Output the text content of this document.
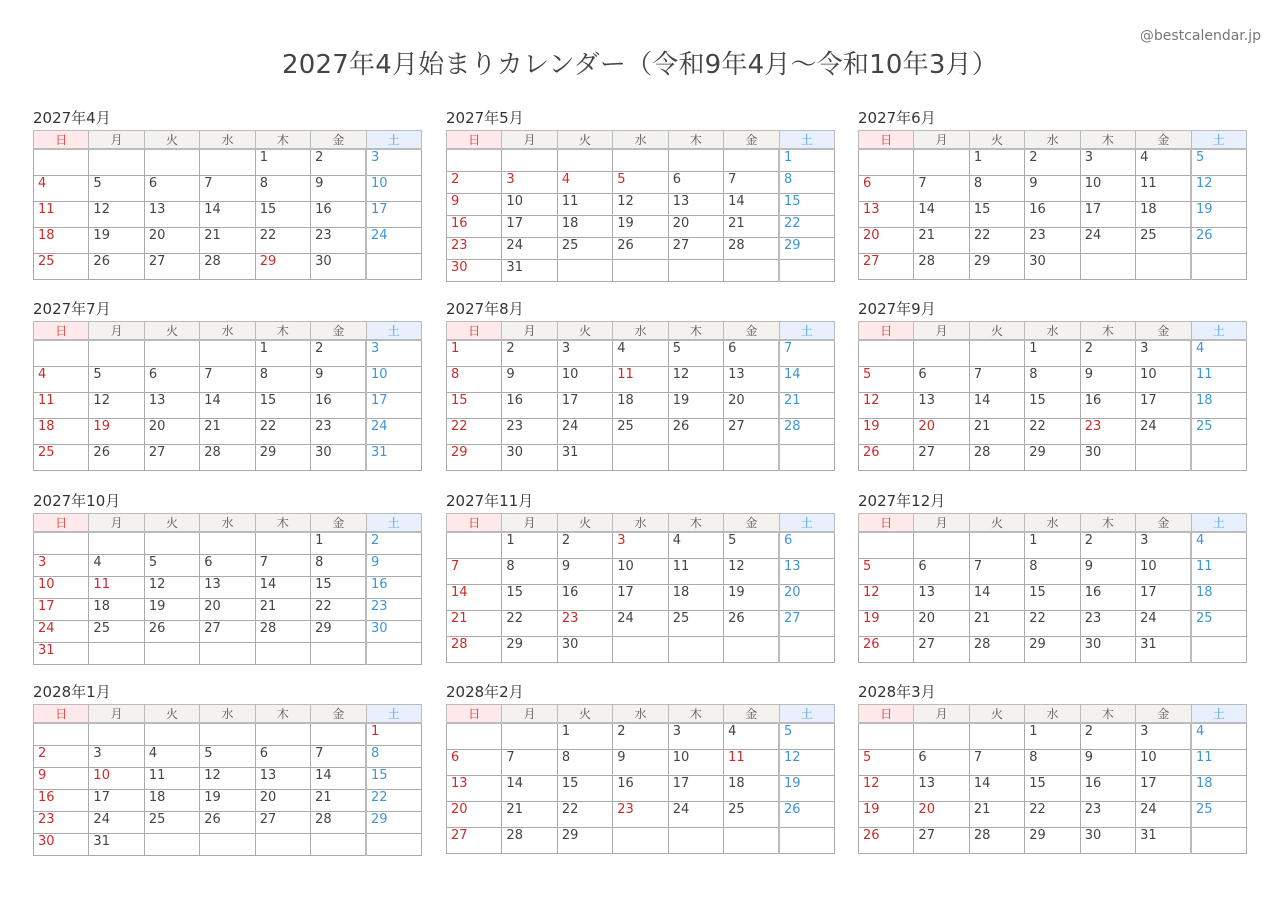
2027年4月始まりカレンダー（令和9年4月～令和10年3月）
@bestcalendar.jp
2027年4月
日	月	火	水	木	金	土
				1	2	3
4	5	6	7	8	9	10
11	12	13	14	15	16	17
18	19	20	21	22	23	24
25	26	27	28	29	30	
2027年5月
日	月	火	水	木	金	土
						1
2	3	4	5	6	7	8
9	10	11	12	13	14	15
16	17	18	19	20	21	22
23	24	25	26	27	28	29
30	31					
2027年6月
日	月	火	水	木	金	土
		1	2	3	4	5
6	7	8	9	10	11	12
13	14	15	16	17	18	19
20	21	22	23	24	25	26
27	28	29	30			
2027年7月
日	月	火	水	木	金	土
				1	2	3
4	5	6	7	8	9	10
11	12	13	14	15	16	17
18	19	20	21	22	23	24
25	26	27	28	29	30	31
2027年8月
日	月	火	水	木	金	土
1	2	3	4	5	6	7
8	9	10	11	12	13	14
15	16	17	18	19	20	21
22	23	24	25	26	27	28
29	30	31				
2027年9月
日	月	火	水	木	金	土
			1	2	3	4
5	6	7	8	9	10	11
12	13	14	15	16	17	18
19	20	21	22	23	24	25
26	27	28	29	30		
2027年10月
日	月	火	水	木	金	土
					1	2
3	4	5	6	7	8	9
10	11	12	13	14	15	16
17	18	19	20	21	22	23
24	25	26	27	28	29	30
31						
2027年11月
日	月	火	水	木	金	土
	1	2	3	4	5	6
7	8	9	10	11	12	13
14	15	16	17	18	19	20
21	22	23	24	25	26	27
28	29	30				
2027年12月
日	月	火	水	木	金	土
			1	2	3	4
5	6	7	8	9	10	11
12	13	14	15	16	17	18
19	20	21	22	23	24	25
26	27	28	29	30	31	
2028年1月
日	月	火	水	木	金	土
						1
2	3	4	5	6	7	8
9	10	11	12	13	14	15
16	17	18	19	20	21	22
23	24	25	26	27	28	29
30	31					
2028年2月
日	月	火	水	木	金	土
		1	2	3	4	5
6	7	8	9	10	11	12
13	14	15	16	17	18	19
20	21	22	23	24	25	26
27	28	29				
2028年3月
日	月	火	水	木	金	土
			1	2	3	4
5	6	7	8	9	10	11
12	13	14	15	16	17	18
19	20	21	22	23	24	25
26	27	28	29	30	31	
